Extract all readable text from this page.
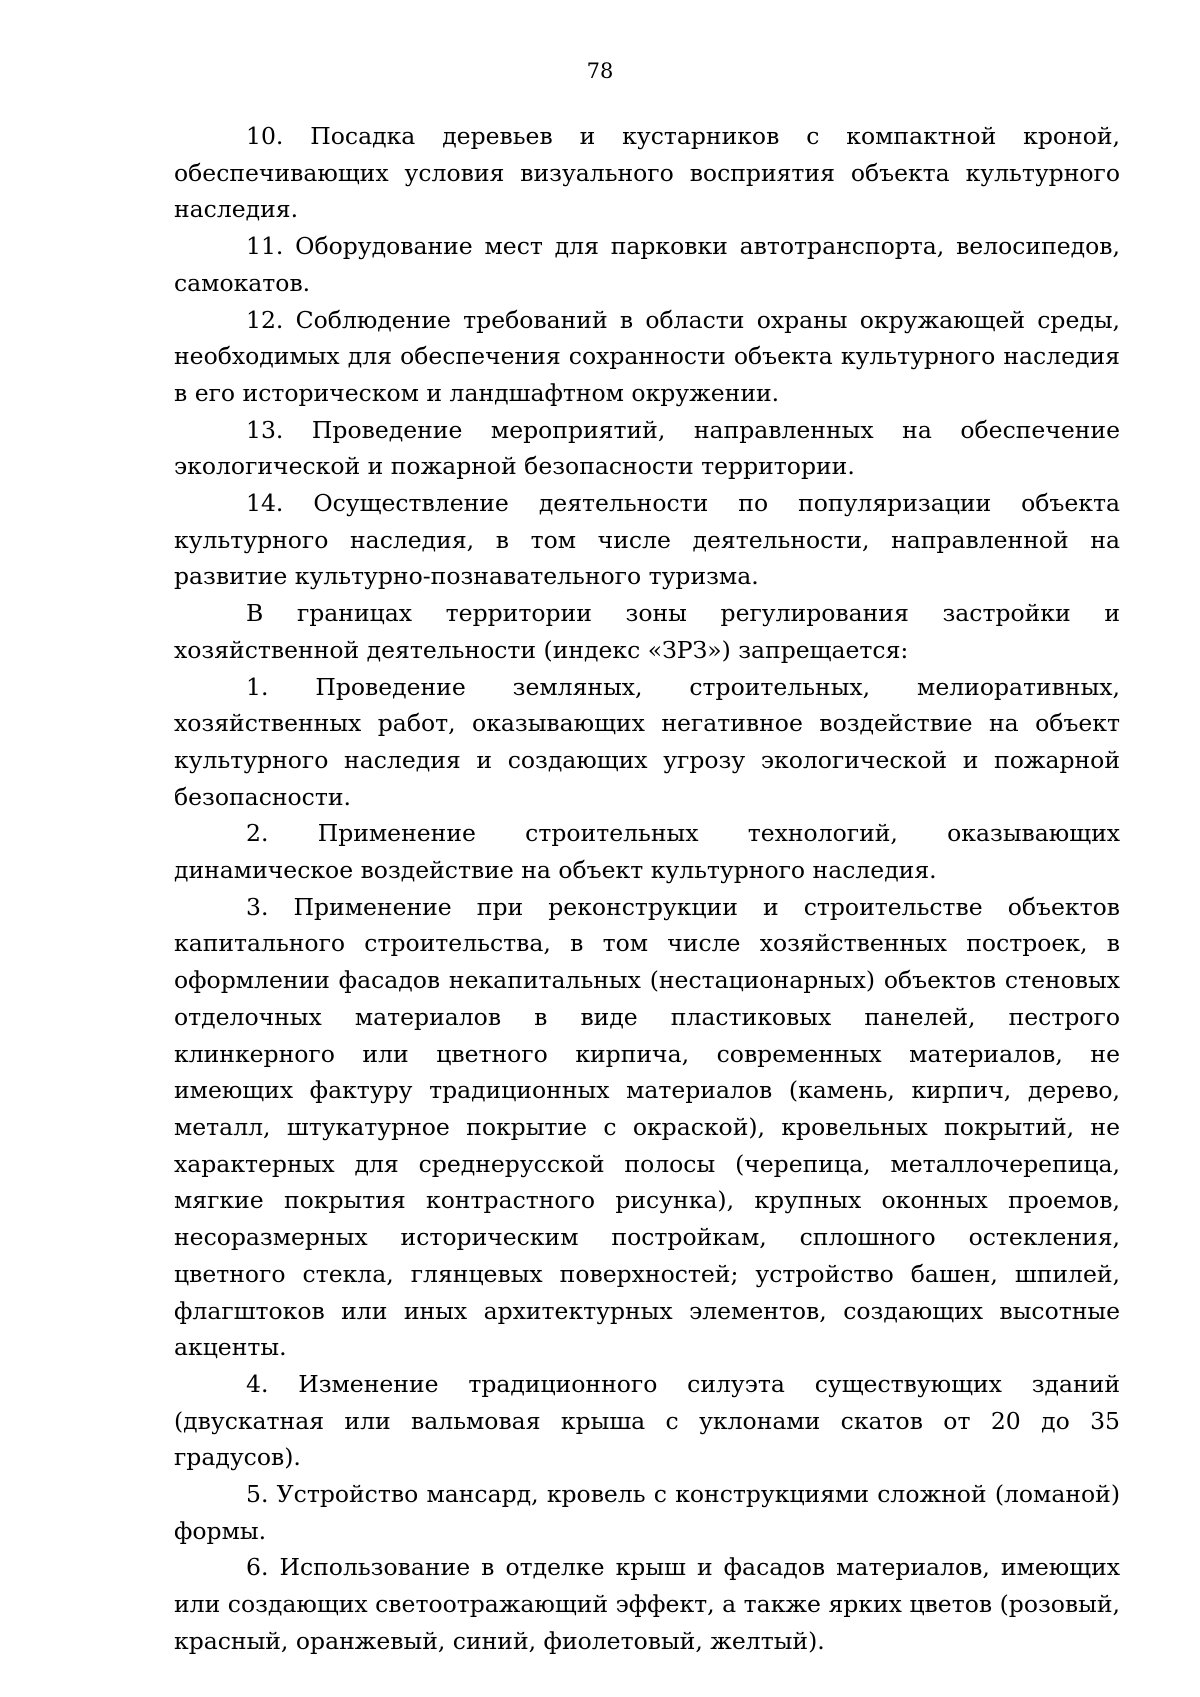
78

10. Посадка деревьев и кустарников с компактной кроной, обеспечивающих условия визуального восприятия объекта культурного наследия.

11. Оборудование мест для парковки автотранспорта, велосипедов, самокатов.

12. Соблюдение требований в области охраны окружающей среды, необходимых для обеспечения сохранности объекта культурного наследия в его историческом и ландшафтном окружении.

13. Проведение мероприятий, направленных на обеспечение экологической и пожарной безопасности территории.

14. Осуществление деятельности по популяризации объекта культурного наследия, в том числе деятельности, направленной на развитие культурно-познавательного туризма.

В границах территории зоны регулирования застройки и хозяйственной деятельности (индекс «ЗРЗ») запрещается:

1. Проведение земляных, строительных, мелиоративных, хозяйственных работ, оказывающих негативное воздействие на объект культурного наследия и создающих угрозу экологической и пожарной безопасности.

2. Применение строительных технологий, оказывающих динамическое воздействие на объект культурного наследия.

3. Применение при реконструкции и строительстве объектов капитального строительства, в том числе хозяйственных построек, в оформлении фасадов некапитальных (нестационарных) объектов стеновых отделочных материалов в виде пластиковых панелей, пестрого клинкерного или цветного кирпича, современных материалов, не имеющих фактуру традиционных материалов (камень, кирпич, дерево, металл, штукатурное покрытие с окраской), кровельных покрытий, не характерных для среднерусской полосы (черепица, металлочерепица, мягкие покрытия контрастного рисунка), крупных оконных проемов, несоразмерных историческим постройкам, сплошного остекления, цветного стекла, глянцевых поверхностей; устройство башен, шпилей, флагштоков или иных архитектурных элементов, создающих высотные акценты.

4. Изменение традиционного силуэта существующих зданий (двускатная или вальмовая крыша с уклонами скатов от 20 до 35 градусов).

5. Устройство мансард, кровель с конструкциями сложной (ломаной) формы.

6. Использование в отделке крыш и фасадов материалов, имеющих или создающих светоотражающий эффект, а также ярких цветов (розовый, красный, оранжевый, синий, фиолетовый, желтый).
